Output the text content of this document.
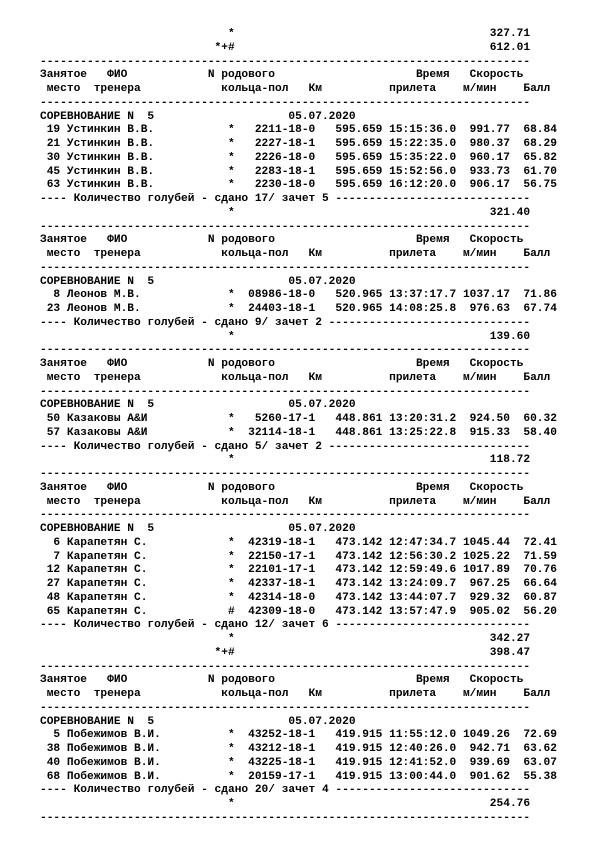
*                                      327.71
*+#                                      612.01
-------------------------------------------------------------------------
Занятое   ФИО            N родового                     Время   Скорость
место  тренера            кольца-пол   Км          прилета    м/мин    Балл
-------------------------------------------------------------------------
СОРЕВНОВАНИЕ N  5                    05.07.2020
19 Устинкин В.В.           *   2211-18-0   595.659 15:15:36.0  991.77  68.84
21 Устинкин В.В.           *   2227-18-1   595.659 15:22:35.0  980.37  68.29
30 Устинкин В.В.           *   2226-18-0   595.659 15:35:22.0  960.17  65.82
45 Устинкин В.В.           *   2283-18-1   595.659 15:52:56.0  933.73  61.70
63 Устинкин В.В.           *   2230-18-0   595.659 16:12:20.0  906.17  56.75
---- Количество голубей - сдано 17/ зачет 5 -----------------------------
*                                      321.40
-------------------------------------------------------------------------
Занятое   ФИО            N родового                     Время   Скорость
место  тренера            кольца-пол   Км          прилета    м/мин    Балл
-------------------------------------------------------------------------
СОРЕВНОВАНИЕ N  5                    05.07.2020
8 Леонов М.В.             *  08986-18-0   520.965 13:37:17.7 1037.17  71.86
23 Леонов М.В.             *  24403-18-1   520.965 14:08:25.8  976.63  67.74
---- Количество голубей - сдано 9/ зачет 2 ------------------------------
*                                      139.60
-------------------------------------------------------------------------
Занятое   ФИО            N родового                     Время   Скорость
место  тренера            кольца-пол   Км          прилета    м/мин    Балл
-------------------------------------------------------------------------
СОРЕВНОВАНИЕ N  5                    05.07.2020
50 Казаковы А&И            *   5260-17-1   448.861 13:20:31.2  924.50  60.32
57 Казаковы А&И            *  32114-18-1   448.861 13:25:22.8  915.33  58.40
---- Количество голубей - сдано 5/ зачет 2 ------------------------------
*                                      118.72
-------------------------------------------------------------------------
Занятое   ФИО            N родового                     Время   Скорость
место  тренера            кольца-пол   Км          прилета    м/мин    Балл
-------------------------------------------------------------------------
СОРЕВНОВАНИЕ N  5                    05.07.2020
6 Карапетян С.            *  42319-18-1   473.142 12:47:34.7 1045.44  72.41
7 Карапетян С.            *  22150-17-1   473.142 12:56:30.2 1025.22  71.59
12 Карапетян С.            *  22101-17-1   473.142 12:59:49.6 1017.89  70.76
27 Карапетян С.            *  42337-18-1   473.142 13:24:09.7  967.25  66.64
48 Карапетян С.            *  42314-18-0   473.142 13:44:07.7  929.32  60.87
65 Карапетян С.            #  42309-18-0   473.142 13:57:47.9  905.02  56.20
---- Количество голубей - сдано 12/ зачет 6 -----------------------------
*                                      342.27
*+#                                      398.47
-------------------------------------------------------------------------
Занятое   ФИО            N родового                     Время   Скорость
место  тренера            кольца-пол   Км          прилета    м/мин    Балл
-------------------------------------------------------------------------
СОРЕВНОВАНИЕ N  5                    05.07.2020
5 Побежимов В.И.          *  43252-18-1   419.915 11:55:12.0 1049.26  72.69
38 Побежимов В.И.          *  43212-18-1   419.915 12:40:26.0  942.71  63.62
40 Побежимов В.И.          *  43225-18-1   419.915 12:41:52.0  939.69  63.07
68 Побежимов В.И.          *  20159-17-1   419.915 13:00:44.0  901.62  55.38
---- Количество голубей - сдано 20/ зачет 4 -----------------------------
*                                      254.76
-------------------------------------------------------------------------
